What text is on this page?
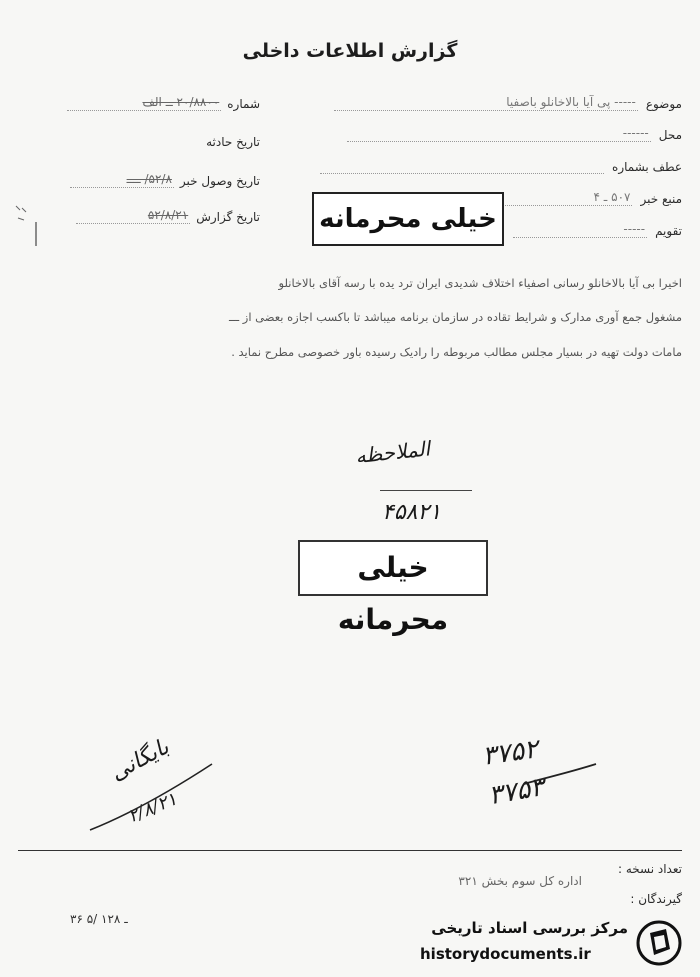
گزارش اطلاعات داخلی
موضوع
----- پی آیا بالاخانلو باصفیا
محل
------
عطف بشماره

منبع خبر
۵۰۷ ـ ۴
تقویم
-----
شماره
۲۰/۸۸۰۰ ــ الف
تاریخ حادثه

تاریخ وصول خبر
۵۲/۸/ ــــ
تاریخ گزارش
۵۲/۸/۲۱	خیلی محرمانه
اخیرا بی آیا بالاخانلو رسانی اصفیاء اختلاف شدیدی ایران ترد یده با رسه آقای بالاخانلو
مشغول جمع آوری مدارک و شرایط تقاده در سازمان برنامه میباشد تا باکسب اجازه بعضی از ـــ
مامات دولت تهیه در بسیار مجلس مطالب مربوطه را رادیک رسیده باور خصوصی مطرح نماید .
الملاحظه
۴۵۸۲۱
خیلی محرمانه
بایگانی
۲/۸/۲۱
۳۷۵۲
۳۷۵۳
تعداد نسخه :
گیرندگان :
اداره کل سوم بخش ۳۲۱
۳۶ ـ ۱۲۸ /۵	مرکز بررسی اسناد تاریخی
historydocuments.ir
